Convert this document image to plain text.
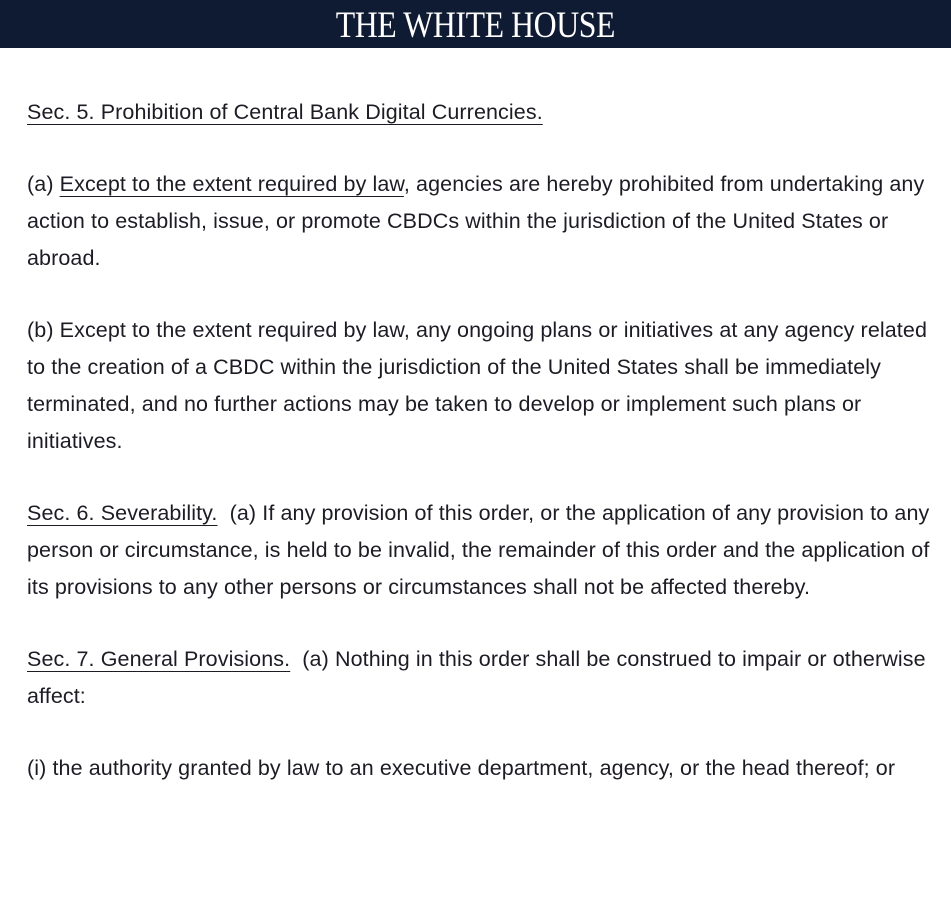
THE WHITE HOUSE

Sec. 5. Prohibition of Central Bank Digital Currencies.

(a) Except to the extent required by law, agencies are hereby prohibited from undertaking any action to establish, issue, or promote CBDCs within the jurisdiction of the United States or abroad.

(b) Except to the extent required by law, any ongoing plans or initiatives at any agency related to the creation of a CBDC within the jurisdiction of the United States shall be immediately terminated, and no further actions may be taken to develop or implement such plans or initiatives.

Sec. 6. Severability. (a) If any provision of this order, or the application of any provision to any person or circumstance, is held to be invalid, the remainder of this order and the application of its provisions to any other persons or circumstances shall not be affected thereby.

Sec. 7. General Provisions. (a) Nothing in this order shall be construed to impair or otherwise affect:

(i) the authority granted by law to an executive department, agency, or the head thereof; or
